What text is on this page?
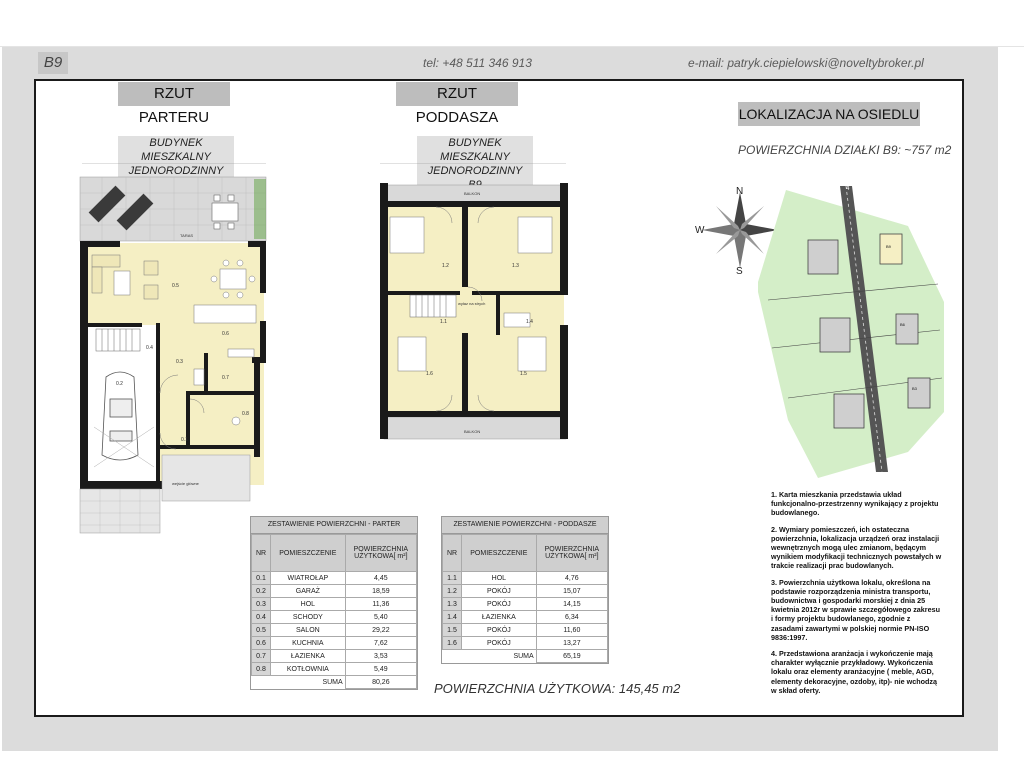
B9	tel: +48 511 346 913	e-mail: patryk.ciepielowski@noveltybroker.pl
RZUT PARTERU
RZUT PODDASZA	LOKALIZACJA NA OSIEDLU
BUDYNEK MIESZKALNY
JEDNORODZINNY
BUDYNEK MIESZKALNY
JEDNORODZINNY
POWIERZCHNIA DZIAŁKI B9: ~757 m2
TARAS
wejście główne
0.1
0.2
0.3
0.4
0.5
0.6
0.7
0.8
BALKON
BALKON
wyłaz na strych
1.1
1.2	1.3
1.4
1.5
1.6
N
S
W
4
B9
B6
B3
ZESTAWIENIE POWIERZCHNI - PARTER
NR	POMIESZCZENIE	POWIERZCHNIA
UŻYTKOWA[ m²]

0.1	WIATROŁAP	4,45
0.2	GARAŻ	18,59
0.3	HOL	11,36
0.4	SCHODY	5,40
0.5	SALON	29,22
0.6	KUCHNIA	7,62
0.7	ŁAZIENKA	3,53
0.8	KOTŁOWNIA	5,49
	SUMA	80,26
ZESTAWIENIE POWIERZCHNI - PODDASZE
NR	POMIESZCZENIE	POWIERZCHNIA
UŻYTKOWA[ m²]

1.1	HOL	4,76
1.2	POKÓJ	15,07
1.3	POKÓJ	14,15
1.4	ŁAZIENKA	6,34
1.5	POKÓJ	11,60
1.6	POKÓJ	13,27
	SUMA	65,19
POWIERZCHNIA UŻYTKOWA: 145,45 m2

1. Karta mieszkania przedstawia układ funkcjonalno-przestrzenny wynikający z projektu budowlanego.

2. Wymiary pomieszczeń, ich ostateczna powierzchnia, lokalizacja urządzeń oraz instalacji wewnętrznych mogą ulec zmianom, będącym wynikiem modyfikacji technicznych powstałych w trakcie realizacji prac budowlanych.

3. Powierzchnia użytkowa lokalu, określona na podstawie rozporządzenia ministra transportu, budownictwa i gospodarki morskiej z dnia 25 kwietnia 2012r w sprawie szczegółowego zakresu i formy projektu budowlanego, zgodnie z zasadami zawartymi w polskiej normie PN-ISO 9836:1997.

4. Przedstawiona aranżacja i wykończenie mają charakter wyłącznie przykładowy. Wykończenia lokalu oraz elementy aranżacyjne ( meble, AGD, elementy dekoracyjne, ozdoby, itp)- nie wchodzą w skład oferty.
